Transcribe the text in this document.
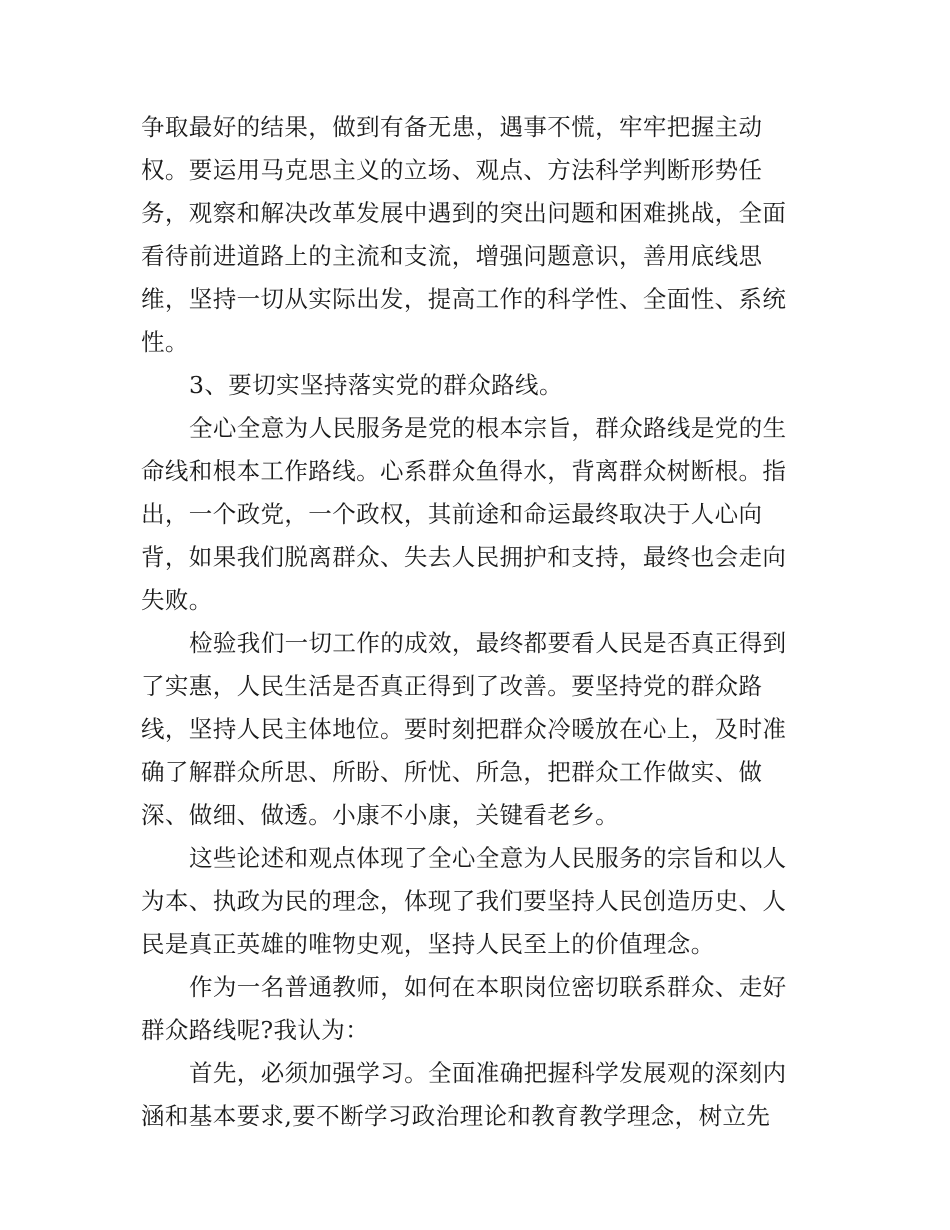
争取最好的结果，做到有备无患，遇事不慌，牢牢把握主动
权。要运用马克思主义的立场、观点、方法科学判断形势任
务，观察和解决改革发展中遇到的突出问题和困难挑战，全面
看待前进道路上的主流和支流，增强问题意识，善用底线思
维，坚持一切从实际出发，提高工作的科学性、全面性、系统
性。
3、要切实坚持落实党的群众路线。
全心全意为人民服务是党的根本宗旨，群众路线是党的生
命线和根本工作路线。心系群众鱼得水，背离群众树断根。指
出，一个政党，一个政权，其前途和命运最终取决于人心向
背，如果我们脱离群众、失去人民拥护和支持，最终也会走向
失败。
检验我们一切工作的成效，最终都要看人民是否真正得到
了实惠，人民生活是否真正得到了改善。要坚持党的群众路
线，坚持人民主体地位。要时刻把群众冷暖放在心上，及时准
确了解群众所思、所盼、所忧、所急，把群众工作做实、做
深、做细、做透。小康不小康，关键看老乡。
这些论述和观点体现了全心全意为人民服务的宗旨和以人
为本、执政为民的理念，体现了我们要坚持人民创造历史、人
民是真正英雄的唯物史观，坚持人民至上的价值理念。
作为一名普通教师，如何在本职岗位密切联系群众、走好
群众路线呢?我认为：
首先，必须加强学习。全面准确把握科学发展观的深刻内
涵和基本要求,要不断学习政治理论和教育教学理念，树立先
